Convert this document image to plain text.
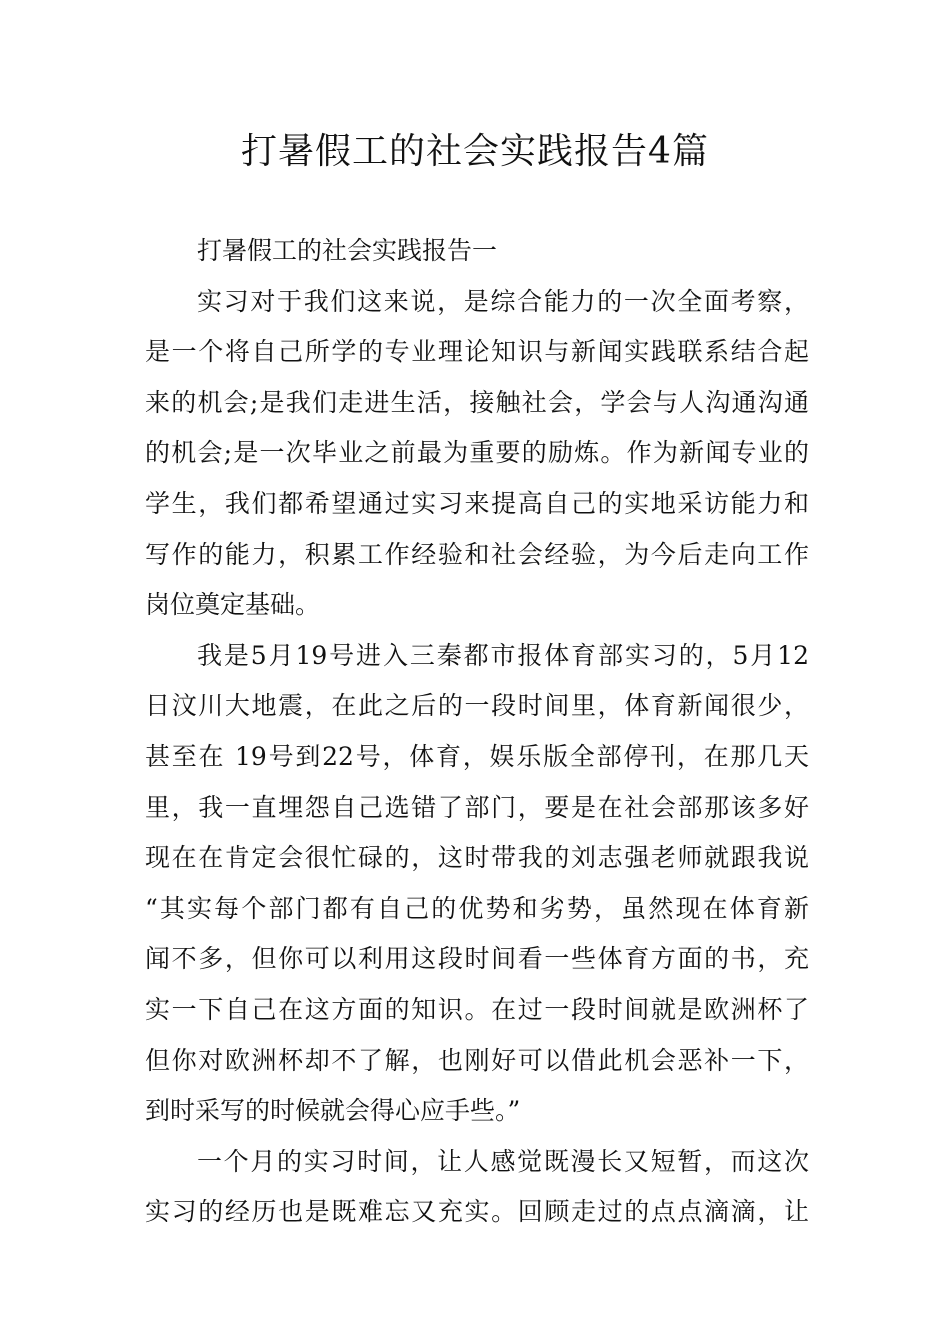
打暑假工的社会实践报告4篇
打暑假工的社会实践报告一
实习对于我们这来说，是综合能力的一次全面考察，
是一个将自己所学的专业理论知识与新闻实践联系结合起
来的机会;是我们走进生活，接触社会，学会与人沟通沟通
的机会;是一次毕业之前最为重要的励炼。作为新闻专业的
学生，我们都希望通过实习来提高自己的实地采访能力和
写作的能力，积累工作经验和社会经验，为今后走向工作
岗位奠定基础。
我是5月19号进入三秦都市报体育部实习的，5月12
日汶川大地震，在此之后的一段时间里，体育新闻很少，
甚至在 19号到22号，体育，娱乐版全部停刊，在那几天
里，我一直埋怨自己选错了部门，要是在社会部那该多好
现在在肯定会很忙碌的，这时带我的刘志强老师就跟我说
“其实每个部门都有自己的优势和劣势，虽然现在体育新
闻不多，但你可以利用这段时间看一些体育方面的书，充
实一下自己在这方面的知识。在过一段时间就是欧洲杯了
但你对欧洲杯却不了解，也刚好可以借此机会恶补一下，
到时采写的时候就会得心应手些。”
一个月的实习时间，让人感觉既漫长又短暂，而这次
实习的经历也是既难忘又充实。回顾走过的点点滴滴，让
